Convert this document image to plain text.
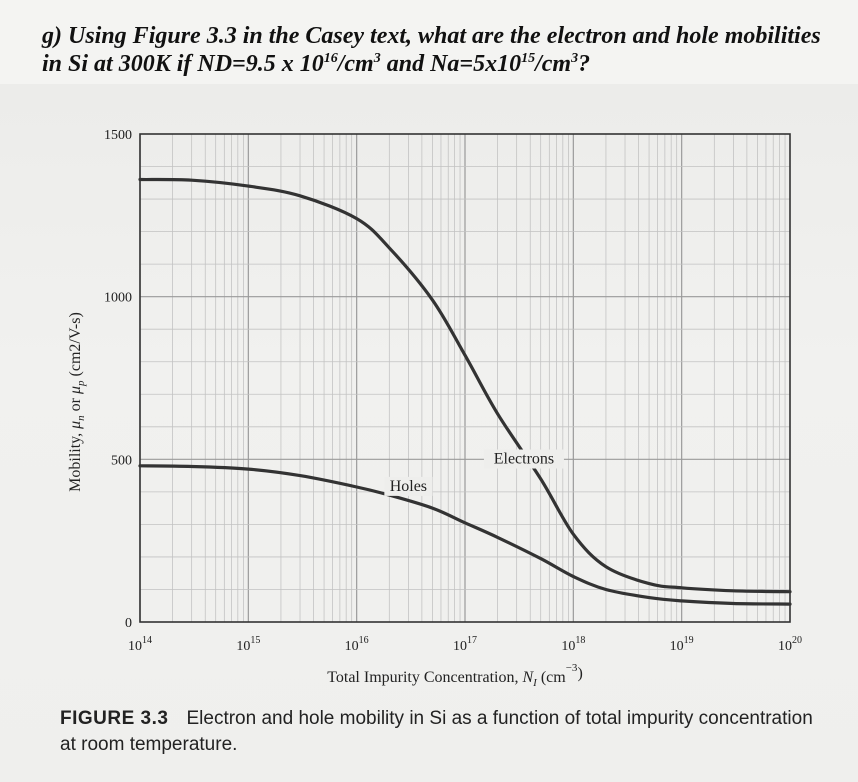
g) Using Figure 3.3 in the Casey text, what are the electron and hole mobilities in Si at 300K if ND=9.5 x $10^{16}/cm^3$ and $Na=5x10^{15}/cm^3$?
0
500
1000
1500
$10^{14}$	$10^{15}$	$10^{16}$	$10^{17}$	$10^{18}$	$10^{19}$	$10^{20}$
Total Impurity Concentration, $N_I$ $(cm^{-3})$
Mobility, $\mu_n$ or $\mu_p$ (cm2/V-s)
Electrons
Holes
FIGURE 3.3 Electron and hole mobility in Si as a function of total impurity concentration at room temperature.
